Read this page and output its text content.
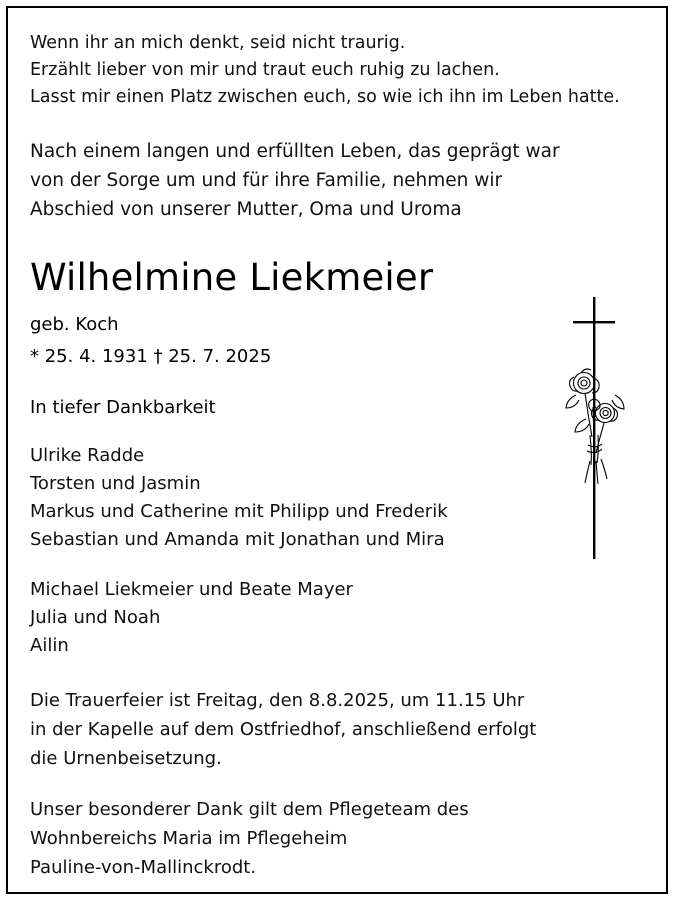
Wenn ihr an mich denkt, seid nicht traurig.
Erzählt lieber von mir und traut euch ruhig zu lachen.
Lasst mir einen Platz zwischen euch, so wie ich ihn im Leben hatte.
Nach einem langen und erfüllten Leben, das geprägt war
von der Sorge um und für ihre Familie, nehmen wir
Abschied von unserer Mutter, Oma und Uroma
Wilhelmine Liekmeier
geb. Koch
* 25. 4. 1931 † 25. 7. 2025
In tiefer Dankbarkeit
Ulrike Radde
Torsten und Jasmin
Markus und Catherine mit Philipp und Frederik
Sebastian und Amanda mit Jonathan und Mira
Michael Liekmeier und Beate Mayer
Julia und Noah
Ailin
Die Trauerfeier ist Freitag, den 8.8.2025, um 11.15 Uhr
in der Kapelle auf dem Ostfriedhof, anschließend erfolgt
die Urnenbeisetzung.
Unser besonderer Dank gilt dem Pflegeteam des
Wohnbereichs Maria im Pflegeheim
Pauline-von-Mallinckrodt.
